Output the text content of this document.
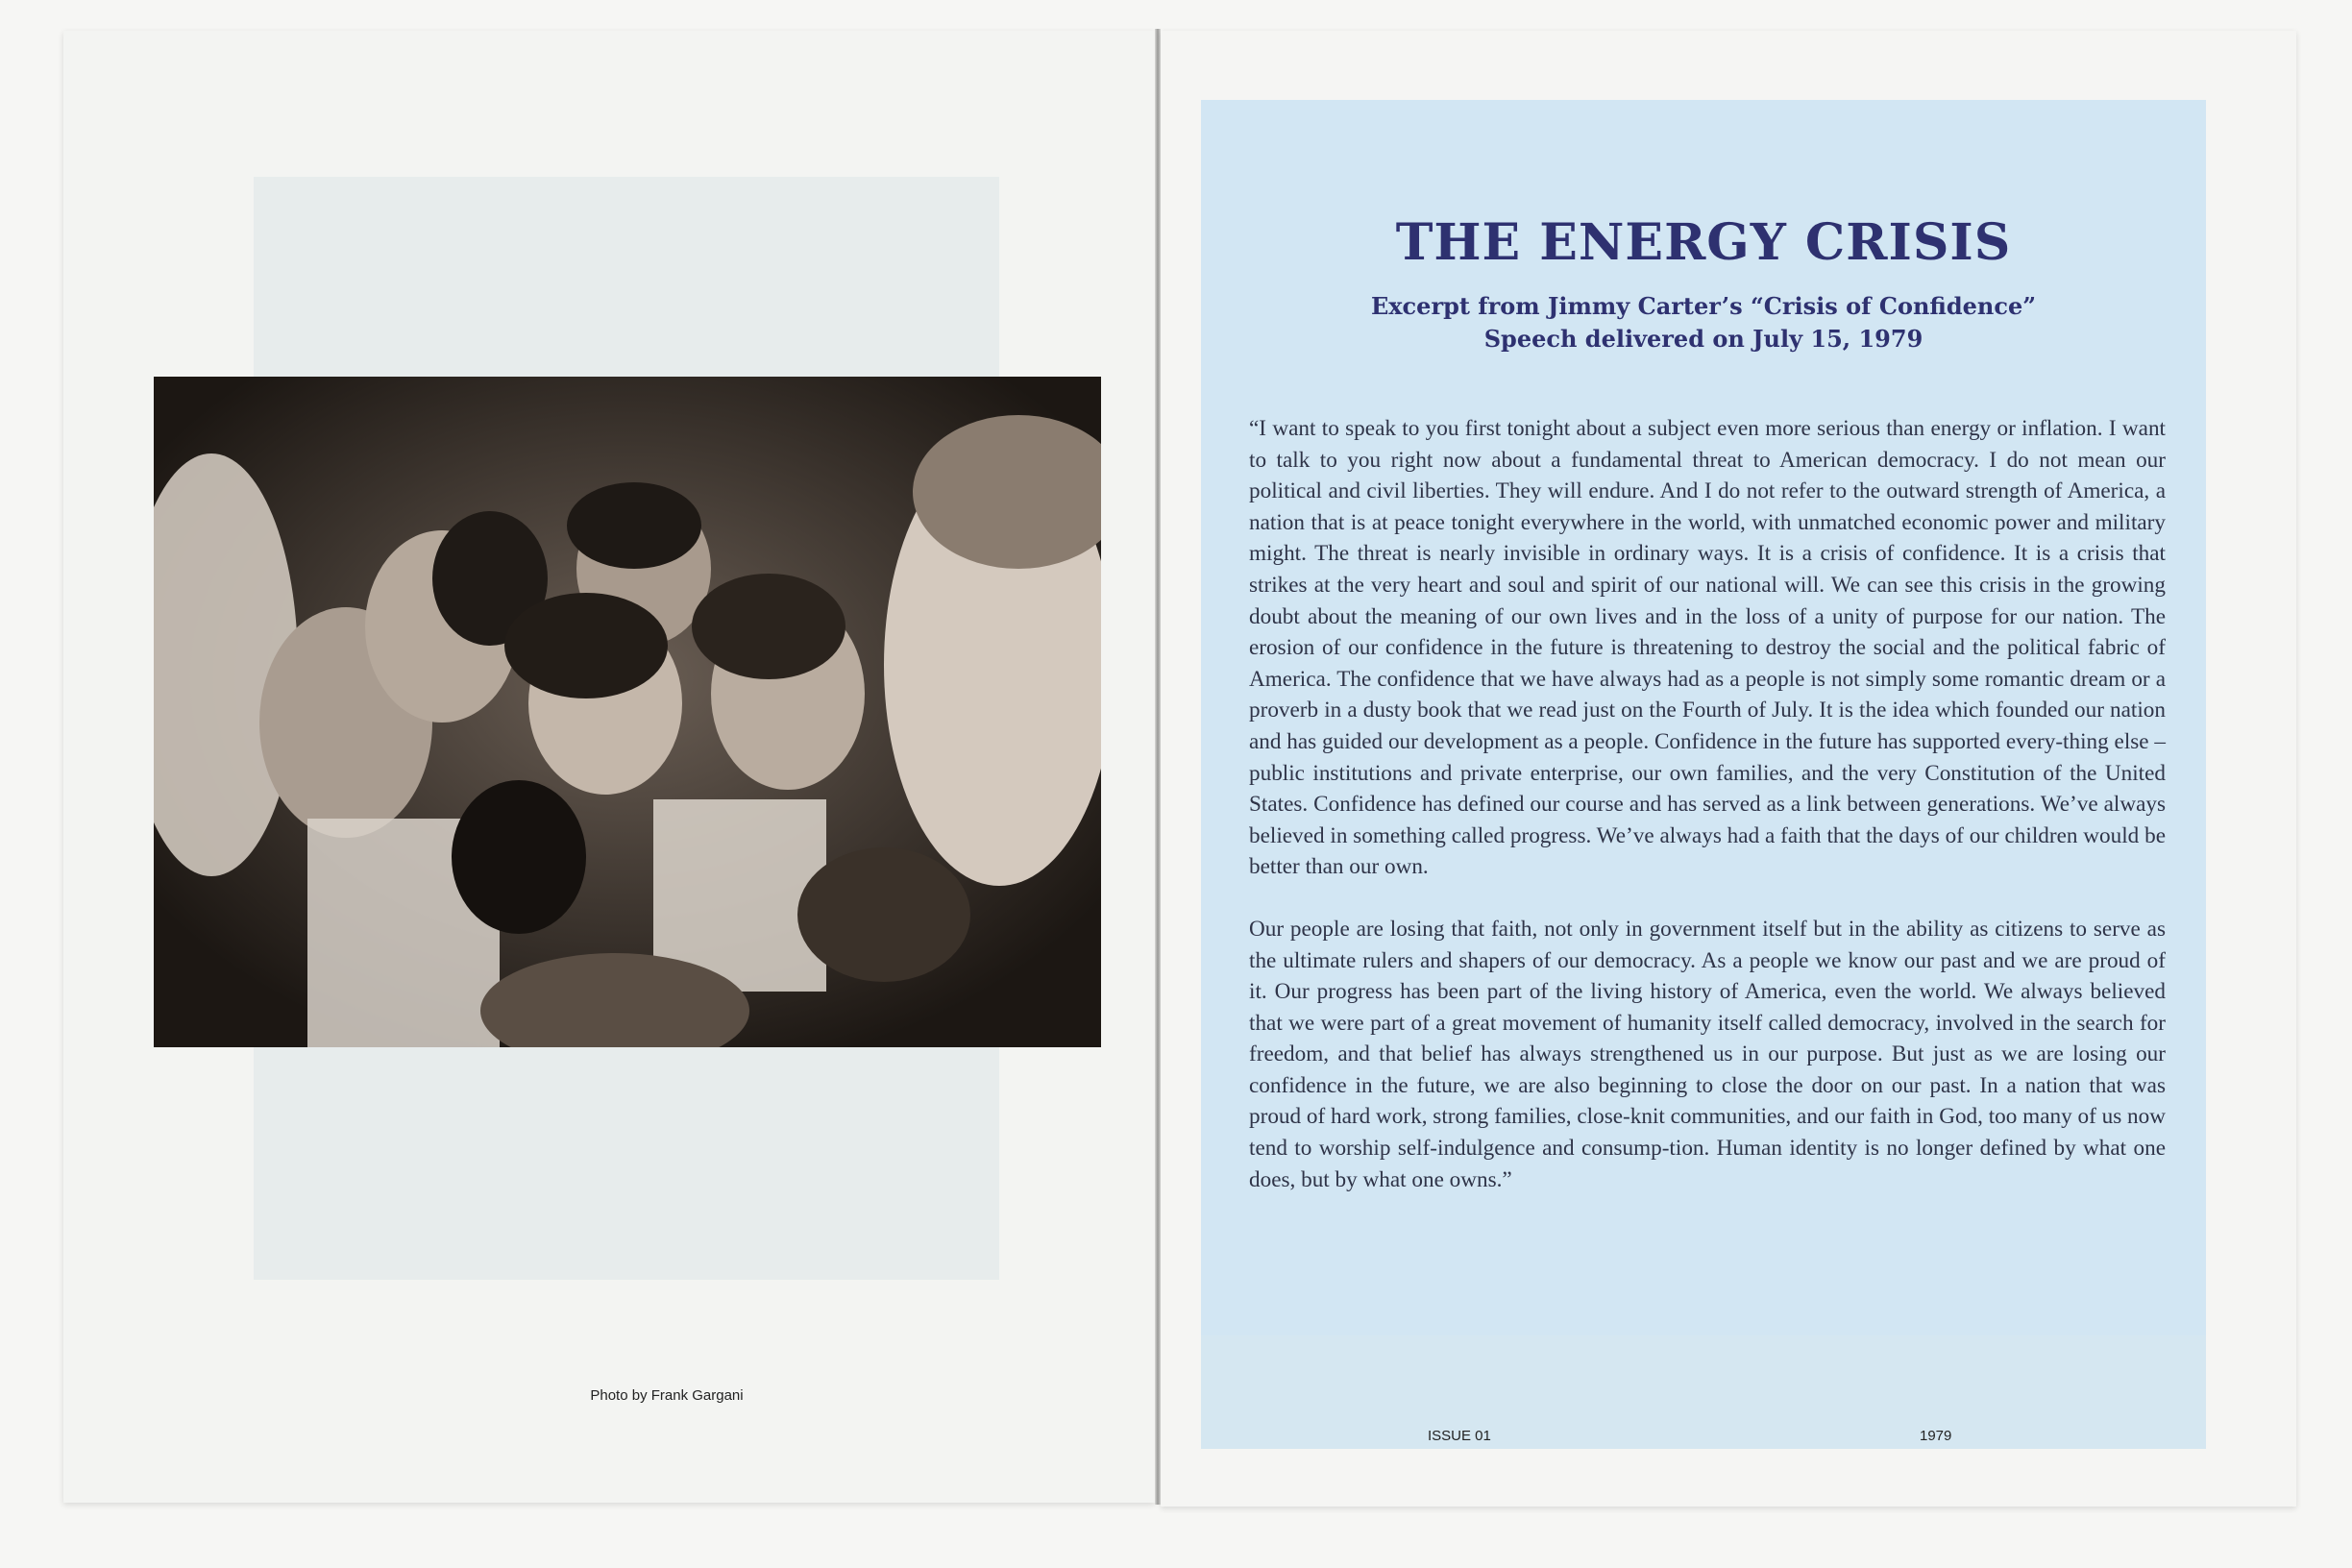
Photo by Frank Gargani
THE ENERGY CRISIS
Excerpt from Jimmy Carter’s “Crisis of Confidence”
Speech delivered on July 15, 1979

“I want to speak to you first tonight about a subject even more serious than energy or inflation. I want to talk to you right now about a fundamental threat to American democracy. I do not mean our political and civil liberties. They will endure. And I do not refer to the outward strength of America, a nation that is at peace tonight everywhere in the world, with unmatched economic power and military might. The threat is nearly invisible in ordinary ways. It is a crisis of confidence. It is a crisis that strikes at the very heart and soul and spirit of our national will. We can see this crisis in the growing doubt about the meaning of our own lives and in the loss of a unity of purpose for our nation. The erosion of our confidence in the future is threatening to destroy the social and the political fabric of America. The confidence that we have always had as a people is not simply some romantic dream or a proverb in a dusty book that we read just on the Fourth of July. It is the idea which founded our nation and has guided our development as a people. Confidence in the future has supported every-thing else – public institutions and private enterprise, our own families, and the very Constitution of the United States. Confidence has defined our course and has served as a link between generations. We’ve always believed in something called progress. We’ve always had a faith that the days of our children would be better than our own.

Our people are losing that faith, not only in government itself but in the ability as citizens to serve as the ultimate rulers and shapers of our democracy. As a people we know our past and we are proud of it. Our progress has been part of the living history of America, even the world. We always believed that we were part of a great movement of humanity itself called democracy, involved in the search for freedom, and that belief has always strengthened us in our purpose. But just as we are losing our confidence in the future, we are also beginning to close the door on our past. In a nation that was proud of hard work, strong families, close-knit communities, and our faith in God, too many of us now tend to worship self-indulgence and consump-tion. Human identity is no longer defined by what one does, but by what one owns.”

ISSUE 01	1979
